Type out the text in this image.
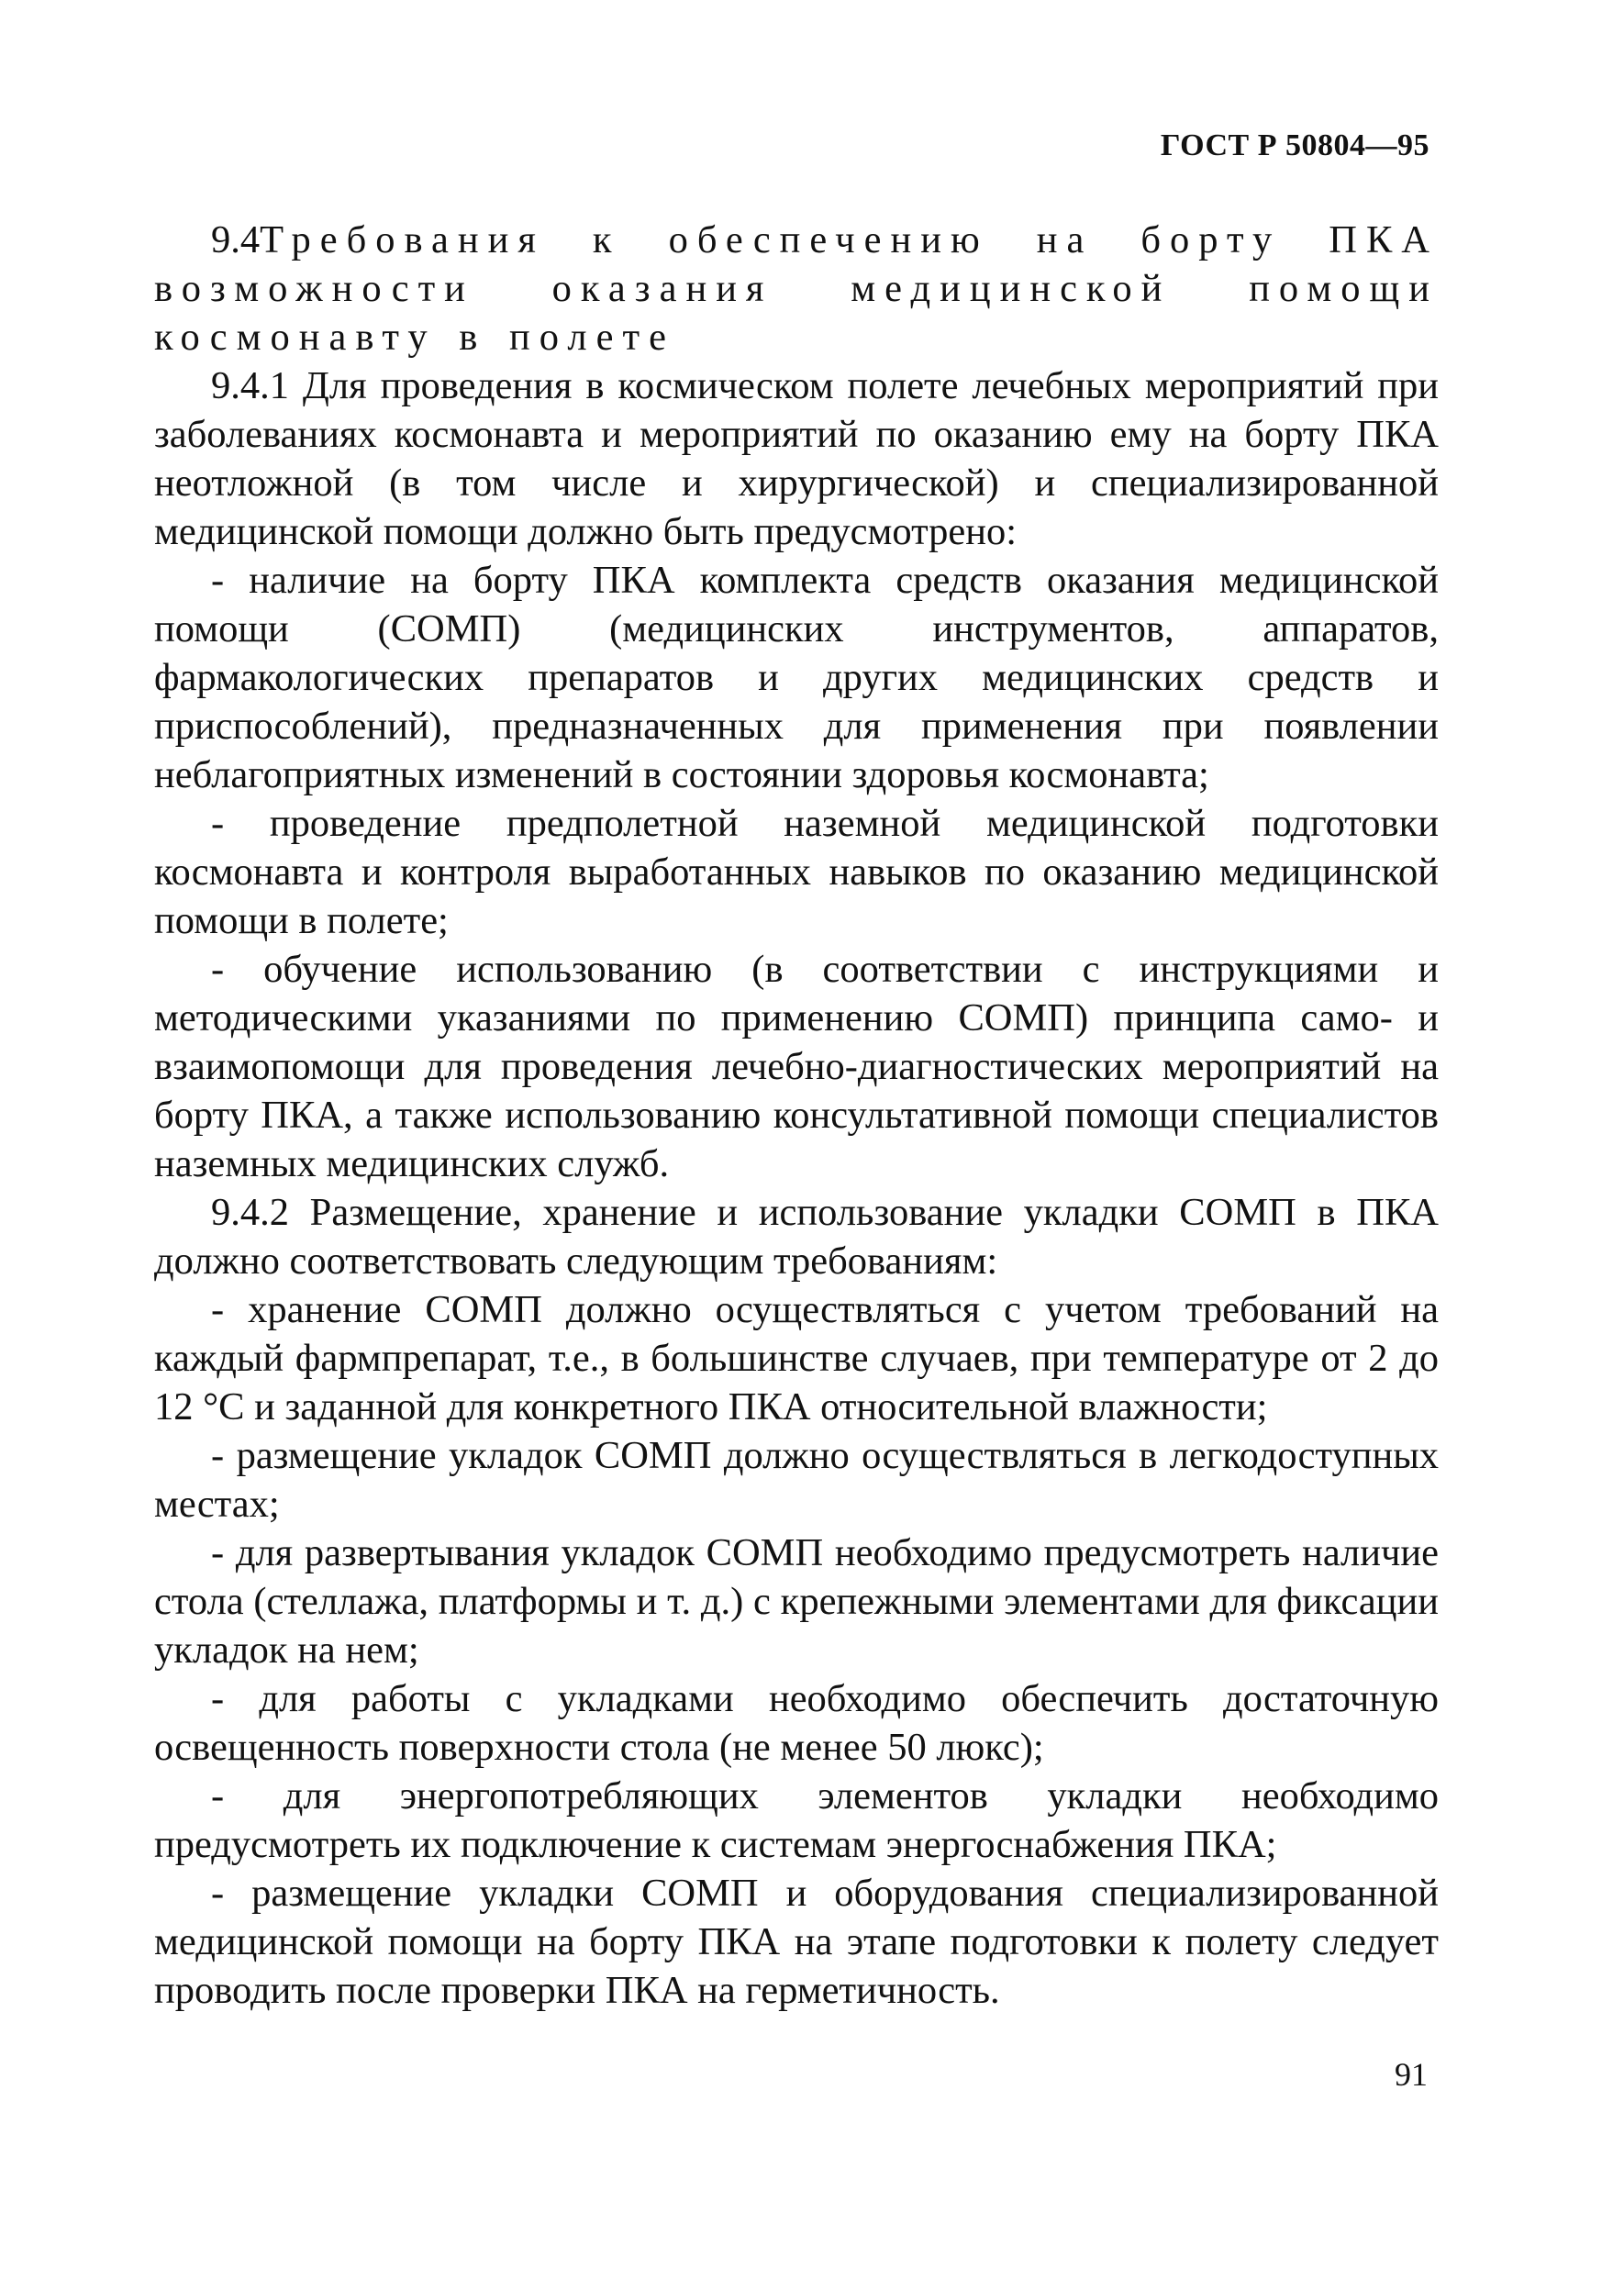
ГОСТ Р 50804—95

9.4Требования к обеспечению на борту ПКА возможности оказания медицинской помощи космонавту в полете

9.4.1 Для проведения в космическом полете лечебных мероприятий при заболеваниях космонавта и мероприятий по оказанию ему на борту ПКА неотложной (в том числе и хирургической) и специализированной медицинской помощи должно быть предусмотрено:

- наличие на борту ПКА комплекта средств оказания медицинской помощи (СОМП) (медицинских инструментов, аппаратов, фармакологических препаратов и других медицинских средств и приспособлений), предназначенных для применения при появлении неблагоприятных изменений в состоянии здоровья космонавта;

- проведение предполетной наземной медицинской подготовки космонавта и контроля выработанных навыков по оказанию медицинской помощи в полете;

- обучение использованию (в соответствии с инструкциями и методическими указаниями по применению СОМП) принципа само- и взаимопомощи для проведения лечебно-диагностических мероприятий на борту ПКА, а также использованию консультативной помощи специалистов наземных медицинских служб.

9.4.2 Размещение, хранение и использование укладки СОМП в ПКА должно соответствовать следующим требованиям:

- хранение СОМП должно осуществляться с учетом требований на каждый фармпрепарат, т.е., в большинстве случаев, при температуре от 2 до 12 °С и заданной для конкретного ПКА относительной влажности;

- размещение укладок СОМП должно осуществляться в легкодоступных местах;

- для развертывания укладок СОМП необходимо предусмотреть наличие стола (стеллажа, платформы и т. д.) с крепежными элементами для фиксации укладок на нем;

- для работы с укладками необходимо обеспечить достаточную освещенность поверхности стола (не менее 50 люкс);

- для энергопотребляющих элементов укладки необходимо предусмотреть их подключение к системам энергоснабжения ПКА;

- размещение укладки СОМП и оборудования специализированной медицинской помощи на борту ПКА на этапе подготовки к полету следует проводить после проверки ПКА на герметичность.

91
